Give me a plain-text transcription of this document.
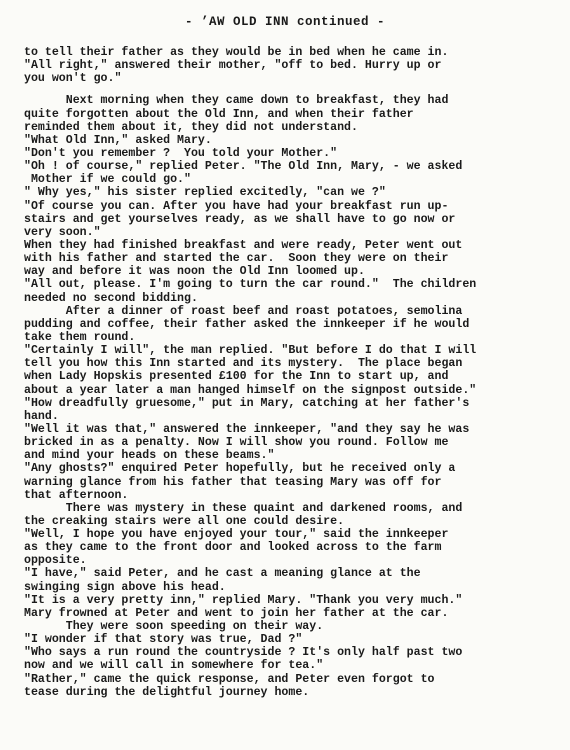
- ’AW OLD INN continued -
to tell their father as they would be in bed when he came in.
"All right," answered their mother, "off to bed. Hurry up or
you won't go."
Next morning when they came down to breakfast, they had
quite forgotten about the Old Inn, and when their father
reminded them about it, they did not understand.
"What Old Inn," asked Mary.
"Don't you remember ?  You told your Mother."
"Oh ! of course," replied Peter. "The Old Inn, Mary, - we asked
Mother if we could go."
" Why yes," his sister replied excitedly, "can we ?"
"Of course you can. After you have had your breakfast run up-
stairs and get yourselves ready, as we shall have to go now or
very soon."
When they had finished breakfast and were ready, Peter went out
with his father and started the car.  Soon they were on their
way and before it was noon the Old Inn loomed up.
"All out, please. I'm going to turn the car round."  The children
needed no second bidding.
After a dinner of roast beef and roast potatoes, semolina
pudding and coffee, their father asked the innkeeper if he would
take them round.
"Certainly I will", the man replied. "But before I do that I will
tell you how this Inn started and its mystery.  The place began
when Lady Hopskis presented £100 for the Inn to start up, and
about a year later a man hanged himself on the signpost outside."
"How dreadfully gruesome," put in Mary, catching at her father's
hand.
"Well it was that," answered the innkeeper, "and they say he was
bricked in as a penalty. Now I will show you round. Follow me
and mind your heads on these beams."
"Any ghosts?" enquired Peter hopefully, but he received only a
warning glance from his father that teasing Mary was off for
that afternoon.
There was mystery in these quaint and darkened rooms, and
the creaking stairs were all one could desire.
"Well, I hope you have enjoyed your tour," said the innkeeper
as they came to the front door and looked across to the farm
opposite.
"I have," said Peter, and he cast a meaning glance at the
swinging sign above his head.
"It is a very pretty inn," replied Mary. "Thank you very much."
Mary frowned at Peter and went to join her father at the car.
They were soon speeding on their way.
"I wonder if that story was true, Dad ?"
"Who says a run round the countryside ? It's only half past two
now and we will call in somewhere for tea."
"Rather," came the quick response, and Peter even forgot to
tease during the delightful journey home.
